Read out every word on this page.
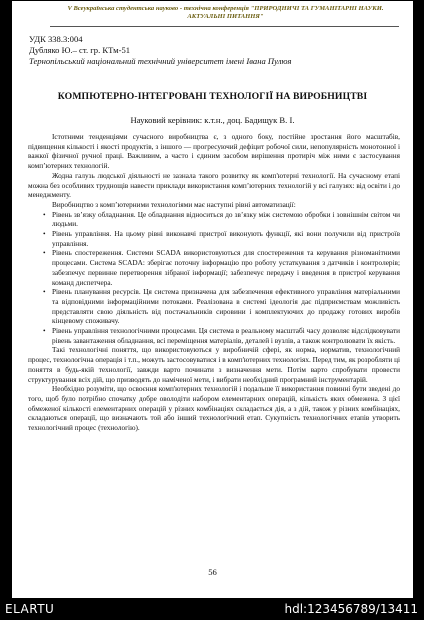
V Всеукраїнська студентська науково - технічна конференція "ПРИРОДНИЧІ ТА ГУМАНІТАРНІ НАУКИ.
АКТУАЛЬНІ ПИТАННЯ"
УДК 338.3:004
Дубляко Ю.– ст. гр. КТм-51
Тернопільський національний технічний університет імені Івана Пулюя
КОМПЮТЕРНО-ІНТЕГРОВАНІ ТЕХНОЛОГІЇ НА ВИРОБНИЦТВІ
Науковий керівник: к.т.н., доц. Бадищук В. І.

Істотними тенденціями сучасного виробництва є, з одного боку, постійне зростання його масштабів, підвищення кількості і якості продуктів, з іншого — прогресуючий дефіцит робочої сили, непопулярність монотонної і важкої фізичної ручної праці. Важливим, а часто і єдиним засобом вирішення протиріч між ними є застосування комп’ютерних технологій.

Жодна галузь людської діяльності не зазнала такого розвитку як комп'ютерні технології. На сучасному етапі можна без особливих труднощів навести приклади використання комп’ютерних технологій у всі галузях: від освіти і до менеджменту.

Виробництво з комп’ютерними технологіями має наступні рівні автоматизації:

• Рівень зв’язку обладнання. Це обладнання відноситься до зв’язку між системою обробки і зовнішнім світом чи людьми.
• Рівень управління. На цьому рівні виконавчі пристрої виконують функції, які вони получили від пристроїв управління.
• Рівень спостереження. Системи SCADA використовуються для спостереження та керування різноманітними процесами. Система SCADA: зберігає поточну інформацію про роботу устаткування з датчиків і контролерів; забезпечує первинне перетворення зібраної інформації; забезпечує передачу і введення в пристрої керування команд диспетчера.
• Рівень планування ресурсів. Ця система призначена для забезпечення ефективного управління матеріальними та відповідними інформаційними потоками. Реалізована в системі ідеологія дає підприємствам можливість представляти свою діяльність від постачальників сировини і комплектуючих до продажу готових виробів кінцевому споживачу.
• Рівень управління технологічними процесами. Ця система в реальному масштабі часу дозволяє відслідковувати рівень завантаження обладнання, всі переміщення матеріалів, деталей і вузлів, а також контролювати їх якість.

Такі технологічні поняття, що використовуються у виробничій сфері, як норма, норматив, технологічний процес, технологічна операція і т.п., можуть застосовуватися і в комп'ютерних технологіях. Перед тим, як розробляти ці поняття в будь-якій технології, завжди варто починати з визначення мети. Потім варто спробувати провести структурування всіх дій, що призводять до наміченої мети, і вибрати необхідний програмний інструментарій.

Необхідно розуміти, що освоєння комп'ютерних технологій і подальше її використання повинні бути зведені до того, щоб було потрібно спочатку добре оволодіти набором елементарних операцій, кількість яких обмежена. З цієї обмеженої кількості елементарних операцій у різних комбінаціях складається дія, а з дій, також у різних комбінаціях, складаються операції, що визначають той або інший технологічний етап. Сукупність технологічних етапів утворить технологічний процес (технологію).

56
ELARTU	hdl:123456789/13411
